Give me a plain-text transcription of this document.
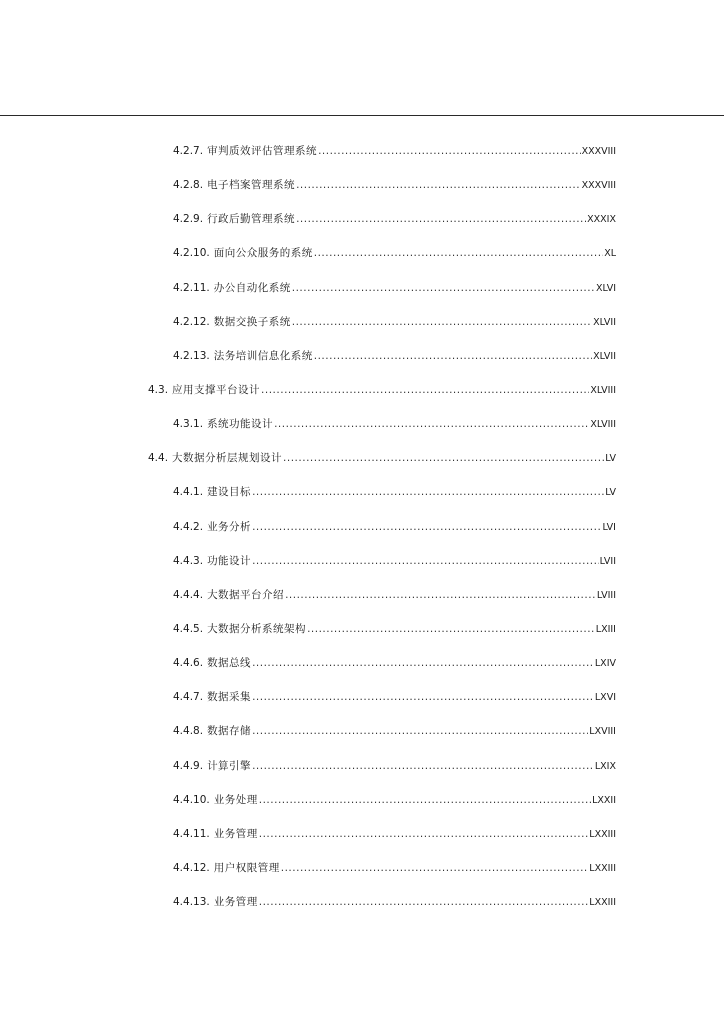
4.2.7. 审判质效评估管理系统 .....	XXXVIII
4.2.8. 电子档案管理系统 .....	XXXVIII
4.2.9. 行政后勤管理系统 .....	XXXIX
4.2.10. 面向公众服务的系统 .....	XL
4.2.11. 办公自动化系统 .....	XLVI
4.2.12. 数据交换子系统 .....	XLVII
4.2.13. 法务培训信息化系统 .....	XLVII
4.3. 应用支撑平台设计 .....	XLVIII
4.3.1. 系统功能设计 .....	XLVIII
4.4. 大数据分析层规划设计 .....	LV
4.4.1. 建设目标 .....	LV
4.4.2. 业务分析 .....	LVI
4.4.3. 功能设计 .....	LVII
4.4.4. 大数据平台介绍 .....	LVIII
4.4.5. 大数据分析系统架构 .....	LXIII
4.4.6. 数据总线 .....	LXIV
4.4.7. 数据采集 .....	LXVI
4.4.8. 数据存储 .....	LXVIII
4.4.9. 计算引擎 .....	LXIX
4.4.10. 业务处理 .....	LXXII
4.4.11. 业务管理 .....	LXXIII
4.4.12. 用户权限管理 .....	LXXIII
4.4.13. 业务管理 .....	LXXIII
